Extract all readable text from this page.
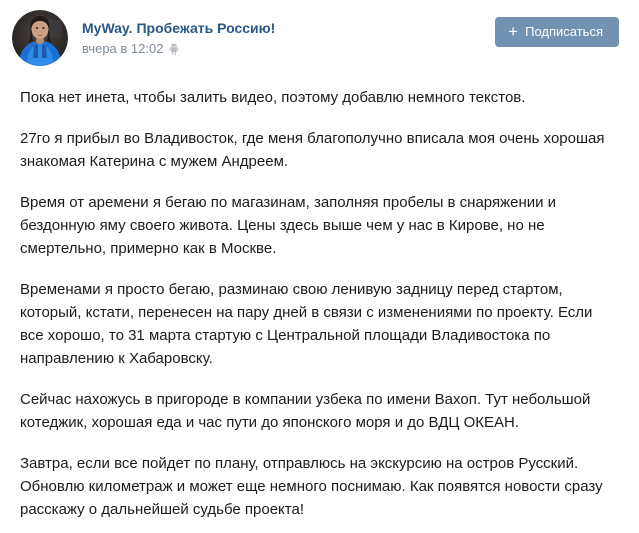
MyWay. Пробежать Россию!
вчера в 12:02
+ Подписаться

Пока нет инета, чтобы залить видео, поэтому добавлю немного текстов.

27го я прибыл во Владивосток, где меня благополучно вписала моя очень хорошая знакомая Катерина с мужем Андреем.

Время от аремени я бегаю по магазинам, заполняя пробелы в снаряжении и бездонную яму своего живота. Цены здесь выше чем у нас в Кирове, но не смертельно, примерно как в Москве.

Временами я просто бегаю, разминаю свою ленивую задницу перед стартом, который, кстати, перенесен на пару дней в связи с изменениями по проекту. Если все хорошо, то 31 марта стартую с Центральной площади Владивостока по направлению к Хабаровску.

Сейчас нахожусь в пригороде в компании узбека по имени Вахоп. Тут небольшой котеджик, хорошая еда и час пути до японского моря и до ВДЦ ОКЕАН.

Завтра, если все пойдет по плану, отправлюсь на экскурсию на остров Русский. Обновлю километраж и может еще немного поснимаю. Как появятся новости сразу расскажу о дальнейшей судьбе проекта!
